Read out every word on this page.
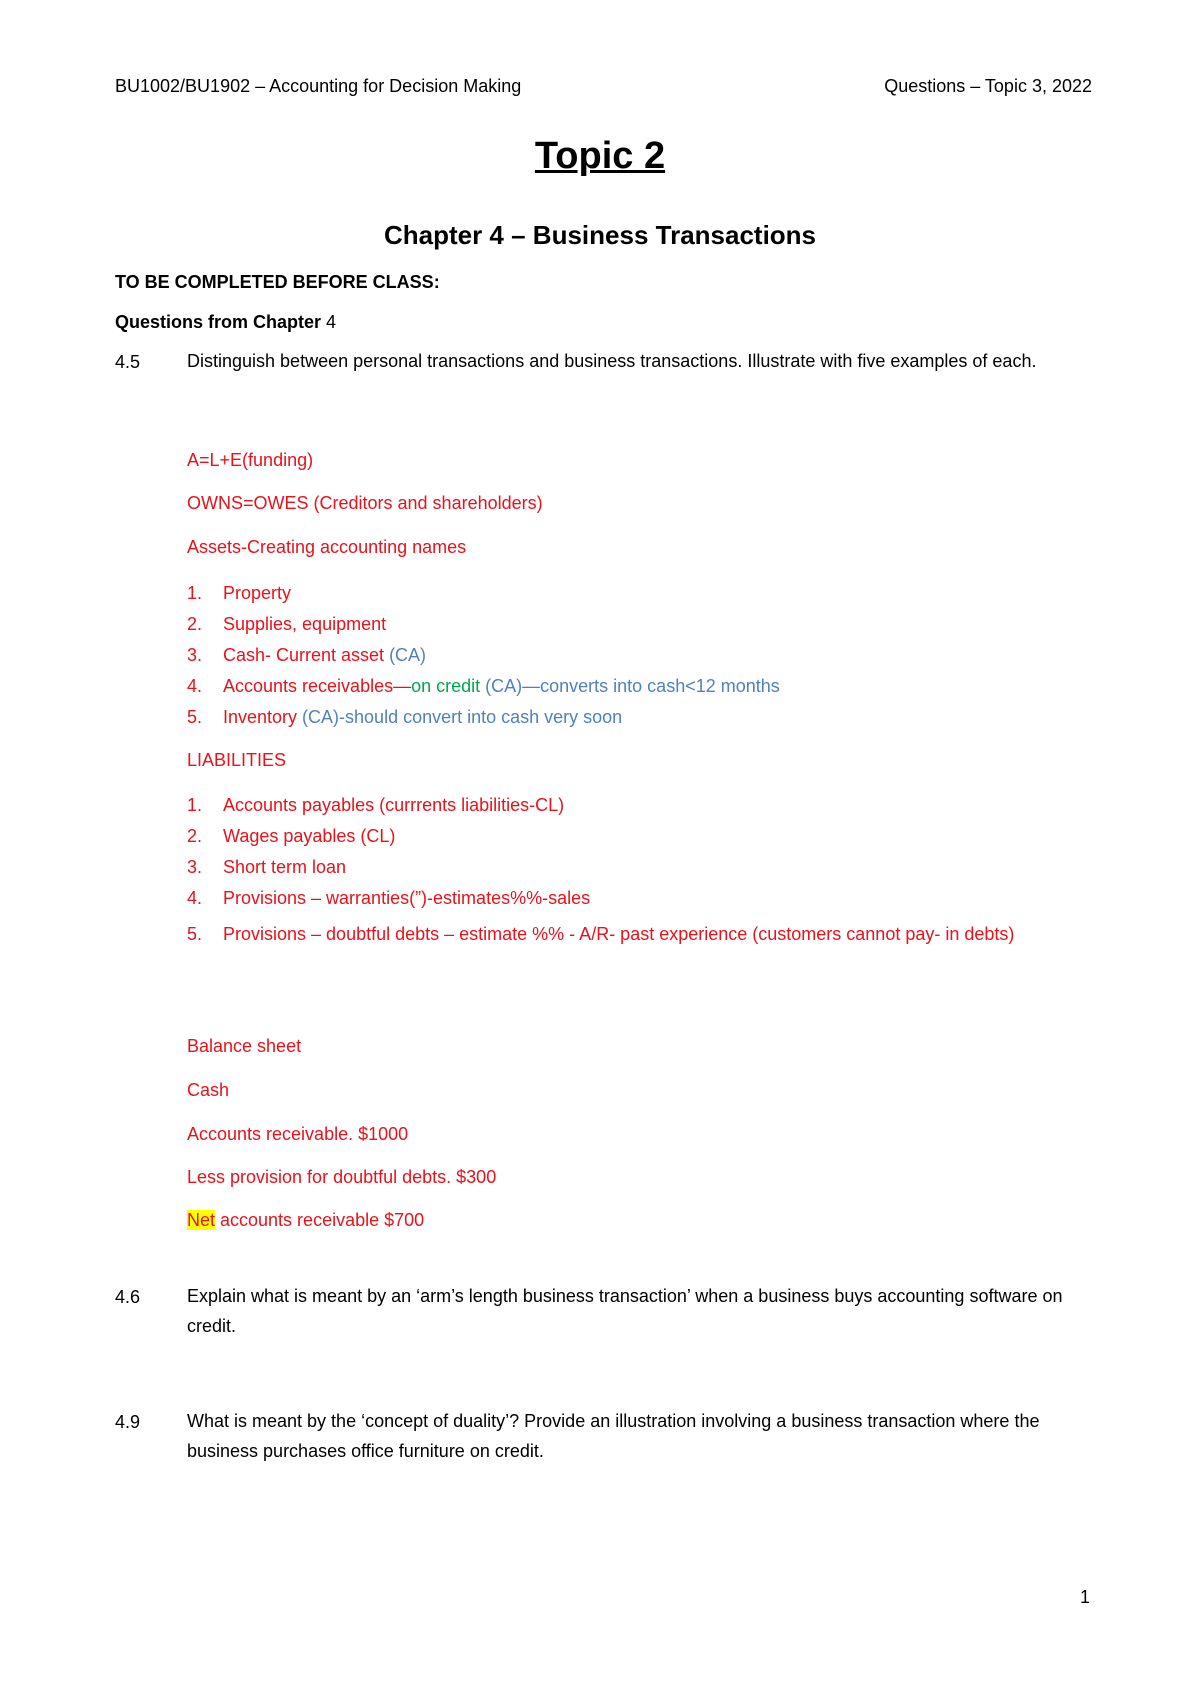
BU1002/BU1902 – Accounting for Decision Making	Questions – Topic 3, 2022
Topic 2
Chapter 4 – Business Transactions
TO BE COMPLETED BEFORE CLASS:
Questions from Chapter 4
4.5	Distinguish between personal transactions and business transactions. Illustrate with five examples of each.
A=L+E(funding)
OWNS=OWES (Creditors and shareholders)
Assets-Creating accounting names
1. Property
2. Supplies, equipment
3. Cash- Current asset (CA)
4. Accounts receivables—on credit (CA)—converts into cash<12 months
5. Inventory (CA)-should convert into cash very soon
LIABILITIES
1. Accounts payables (currrents liabilities-CL)
2. Wages payables (CL)
3. Short term loan
4. Provisions – warranties(”)-estimates%%-sales
5. Provisions – doubtful debts – estimate %% - A/R- past experience (customers cannot pay- in debts)
Balance sheet
Cash
Accounts receivable. $1000
Less provision for doubtful debts. $300
Net accounts receivable $700
4.6	Explain what is meant by an ‘arm’s length business transaction’ when a business buys accounting software on credit.
4.9	What is meant by the ‘concept of duality’? Provide an illustration involving a business transaction where the business purchases office furniture on credit.
1
